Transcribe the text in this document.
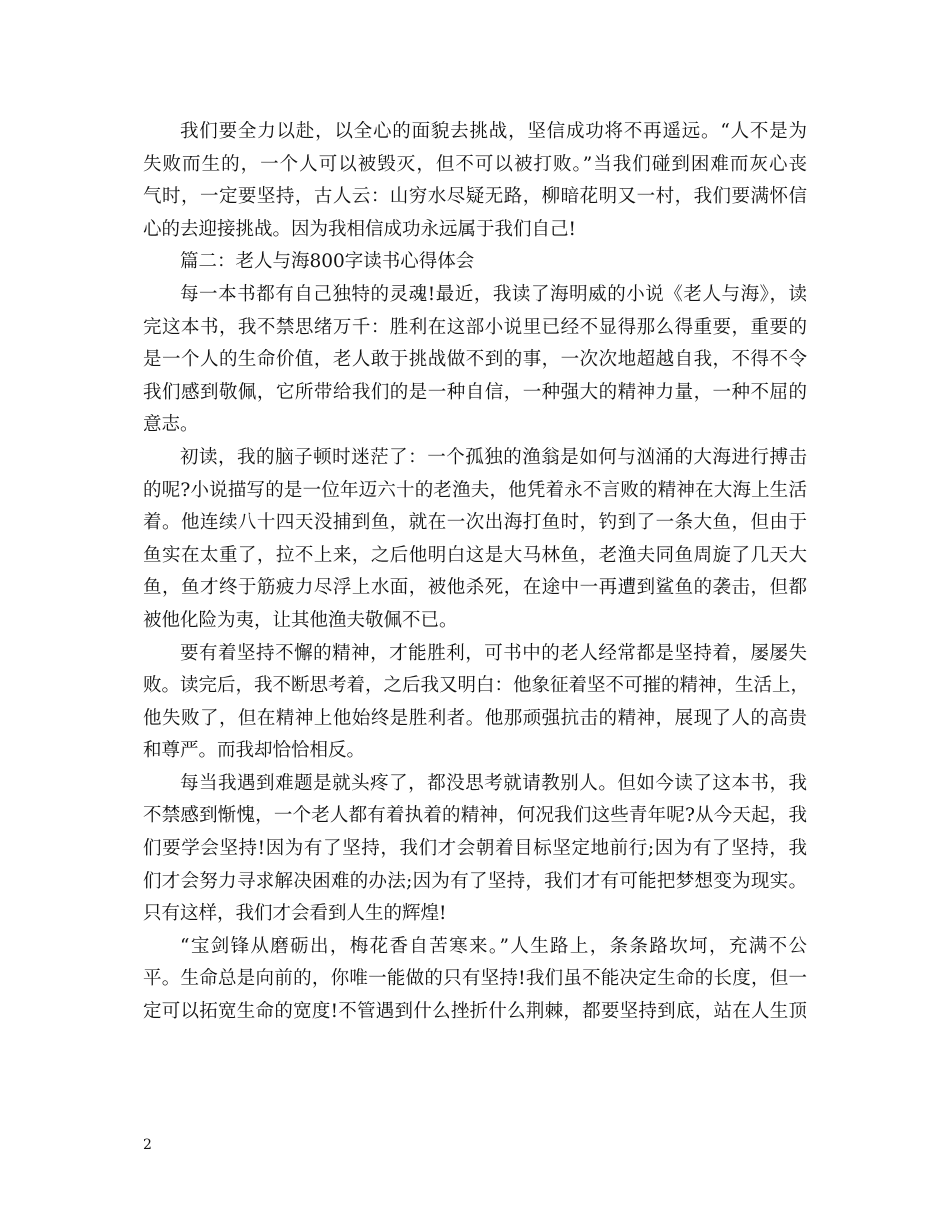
我们要全力以赴，以全心的面貌去挑战，坚信成功将不再遥远。“人不是为
失败而生的，一个人可以被毁灭，但不可以被打败。”当我们碰到困难而灰心丧
气时，一定要坚持，古人云：山穷水尽疑无路，柳暗花明又一村，我们要满怀信
心的去迎接挑战。因为我相信成功永远属于我们自己!
篇二：老人与海800字读书心得体会
每一本书都有自己独特的灵魂!最近，我读了海明威的小说《老人与海》，读
完这本书，我不禁思绪万千：胜利在这部小说里已经不显得那么得重要，重要的
是一个人的生命价值，老人敢于挑战做不到的事，一次次地超越自我，不得不令
我们感到敬佩，它所带给我们的是一种自信，一种强大的精神力量，一种不屈的
意志。
初读，我的脑子顿时迷茫了：一个孤独的渔翁是如何与汹涌的大海进行搏击
的呢?小说描写的是一位年迈六十的老渔夫，他凭着永不言败的精神在大海上生活
着。他连续八十四天没捕到鱼，就在一次出海打鱼时，钓到了一条大鱼，但由于
鱼实在太重了，拉不上来，之后他明白这是大马林鱼，老渔夫同鱼周旋了几天大
鱼，鱼才终于筋疲力尽浮上水面，被他杀死，在途中一再遭到鲨鱼的袭击，但都
被他化险为夷，让其他渔夫敬佩不已。
要有着坚持不懈的精神，才能胜利，可书中的老人经常都是坚持着，屡屡失
败。读完后，我不断思考着，之后我又明白：他象征着坚不可摧的精神，生活上，
他失败了，但在精神上他始终是胜利者。他那顽强抗击的精神，展现了人的高贵
和尊严。而我却恰恰相反。
每当我遇到难题是就头疼了，都没思考就请教别人。但如今读了这本书，我
不禁感到惭愧，一个老人都有着执着的精神，何况我们这些青年呢?从今天起，我
们要学会坚持!因为有了坚持，我们才会朝着目标坚定地前行;因为有了坚持，我
们才会努力寻求解决困难的办法;因为有了坚持，我们才有可能把梦想变为现实。
只有这样，我们才会看到人生的辉煌!
“宝剑锋从磨砺出，梅花香自苦寒来。”人生路上，条条路坎坷，充满不公
平。生命总是向前的，你唯一能做的只有坚持!我们虽不能决定生命的长度，但一
定可以拓宽生命的宽度!不管遇到什么挫折什么荆棘，都要坚持到底，站在人生顶
2
